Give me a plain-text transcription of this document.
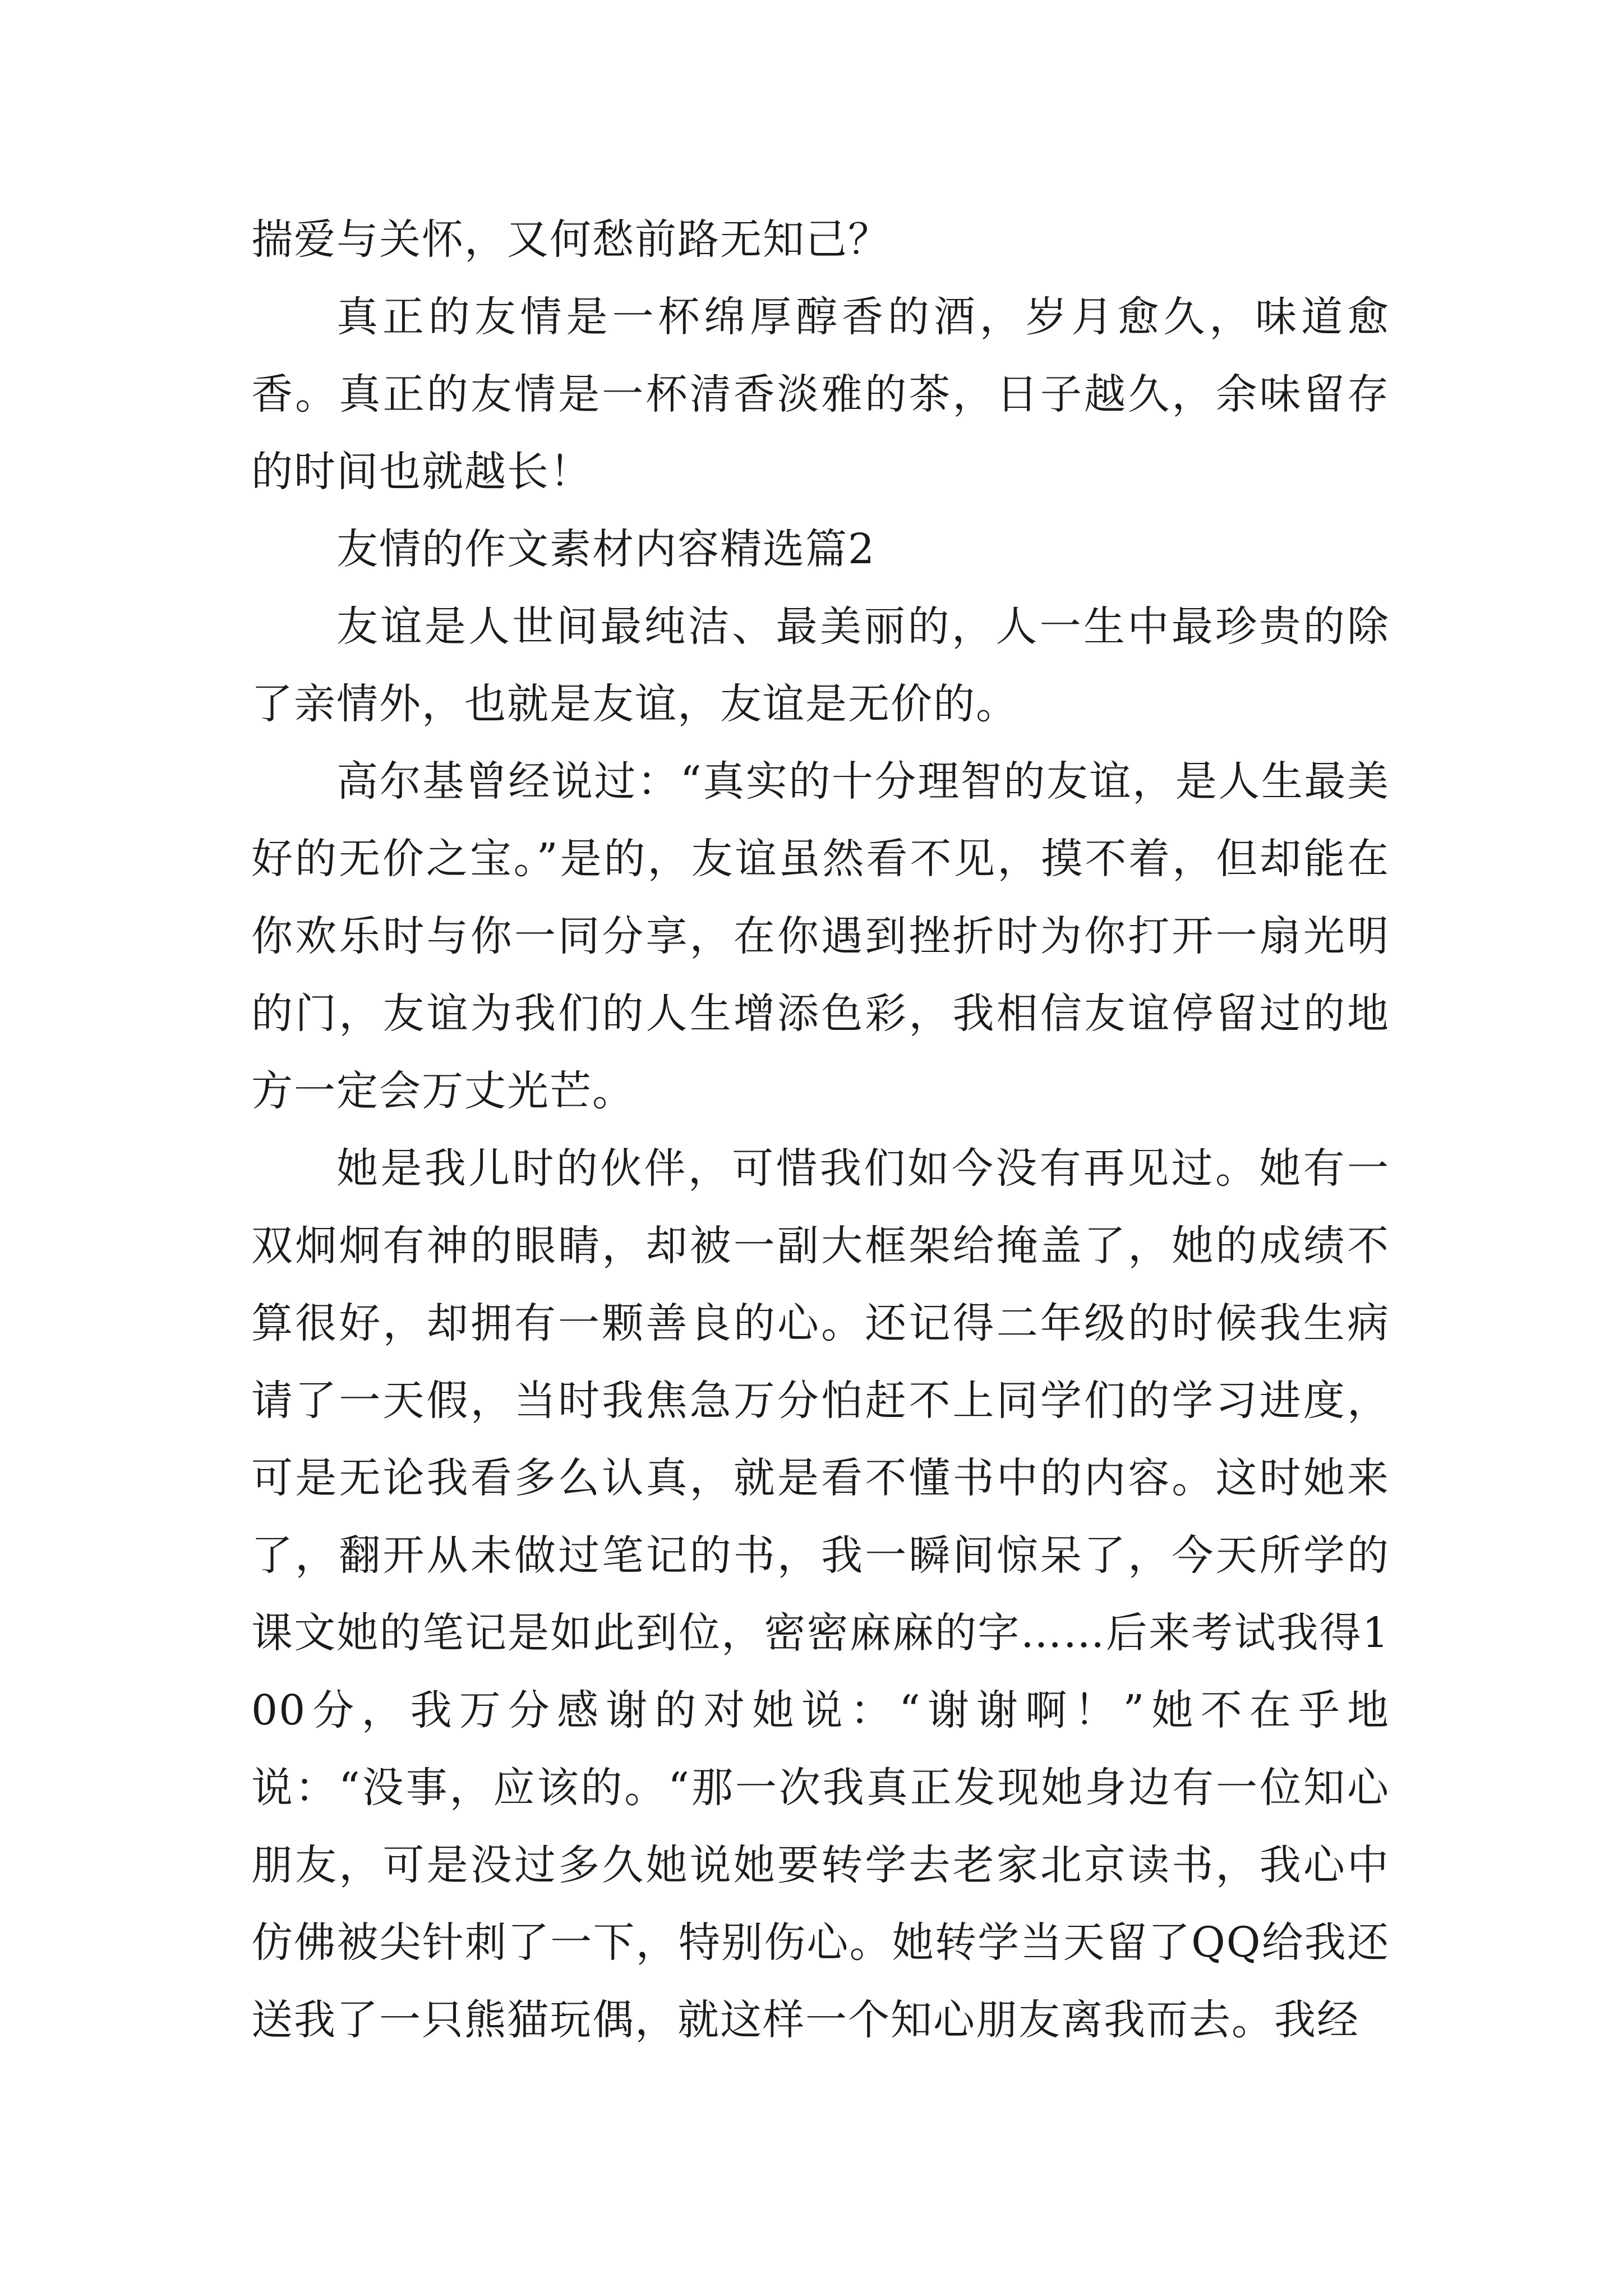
揣爱与关怀，又何愁前路无知己？

真正的友情是一杯绵厚醇香的酒，岁月愈久，味道愈香。真正的友情是一杯清香淡雅的茶，日子越久，余味留存的时间也就越长！

友情的作文素材内容精选篇2

友谊是人世间最纯洁、最美丽的，人一生中最珍贵的除了亲情外，也就是友谊，友谊是无价的。

高尔基曾经说过：“真实的十分理智的友谊，是人生最美好的无价之宝。”是的，友谊虽然看不见，摸不着，但却能在你欢乐时与你一同分享，在你遇到挫折时为你打开一扇光明的门，友谊为我们的人生增添色彩，我相信友谊停留过的地方一定会万丈光芒。

她是我儿时的伙伴，可惜我们如今没有再见过。她有一双炯炯有神的眼睛，却被一副大框架给掩盖了，她的成绩不算很好，却拥有一颗善良的心。还记得二年级的时候我生病请了一天假，当时我焦急万分怕赶不上同学们的学习进度，可是无论我看多么认真，就是看不懂书中的内容。这时她来了，翻开从未做过笔记的书，我一瞬间惊呆了，今天所学的课文她的笔记是如此到位，密密麻麻的字……后来考试我得100分，我万分感谢的对她说：“谢谢啊！”她不在乎地说：“没事，应该的。“那一次我真正发现她身边有一位知心朋友，可是没过多久她说她要转学去老家北京读书，我心中仿佛被尖针刺了一下，特别伤心。她转学当天留了QQ给我还送我了一只熊猫玩偶，就这样一个知心朋友离我而去。我经
